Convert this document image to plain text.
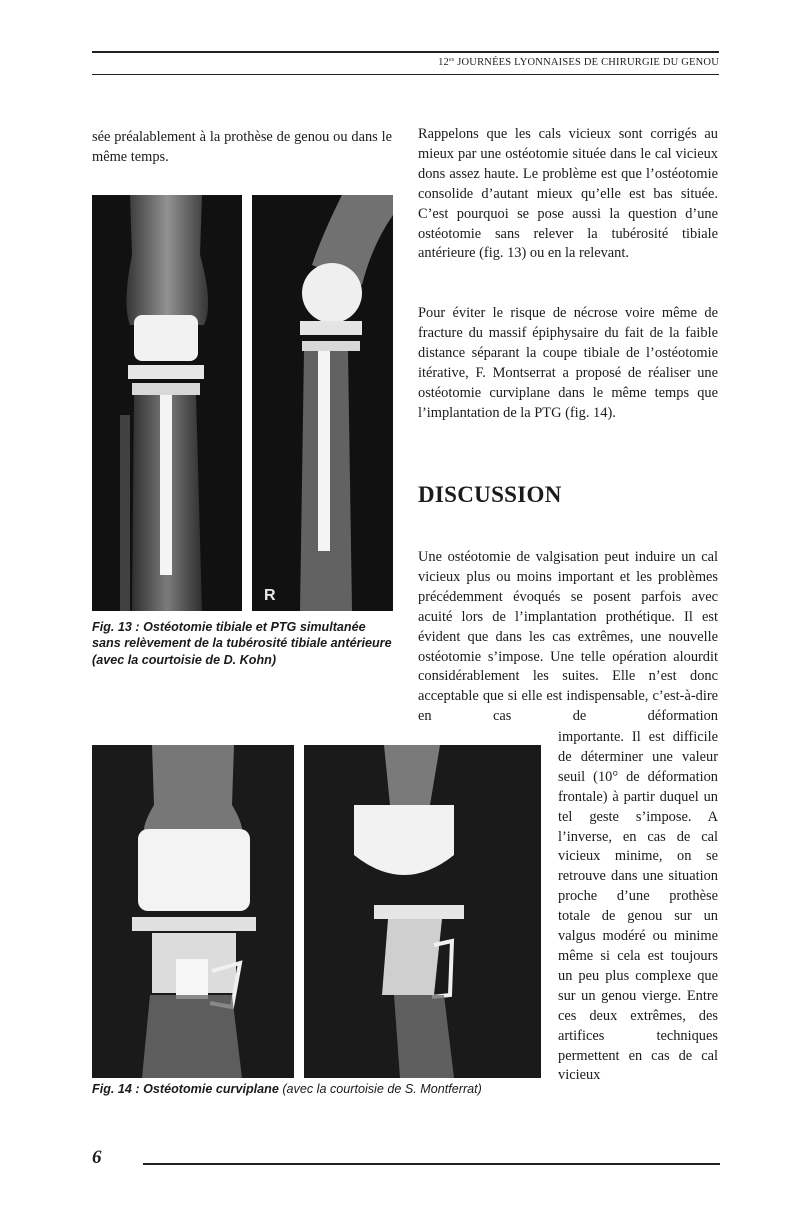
$12^{es}$ JOURNÉES LYONNAISES DE CHIRURGIE DU GENOU

sée préalablement à la prothèse de genou ou dans le même temps.

R

Fig. 13 : Ostéotomie tibiale et PTG simultanée sans relèvement de la tubérosité tibiale antérieure (avec la courtoisie de D. Kohn)

Rappelons que les cals vicieux sont corrigés au mieux par une ostéotomie située dans le cal vicieux dons assez haute. Le problème est que l’ostéotomie consolide d’autant mieux qu’elle est bas située. C’est pourquoi se pose aussi la question d’une ostéotomie sans relever la tubérosité tibiale antérieure (fig. 13) ou en la relevant.

Pour éviter le risque de nécrose voire même de fracture du massif épiphysaire du fait de la faible distance séparant la coupe tibiale de l’ostéotomie itérative, F. Montserrat a proposé de réaliser une ostéotomie curviplane dans le même temps que l’implantation de la PTG (fig. 14).

DISCUSSION

Une ostéotomie de valgisation peut induire un cal vicieux plus ou moins important et les problèmes précédemment évoqués se posent parfois avec acuité lors de l’implantation prothétique. Il est évident que dans les cas extrêmes, une nouvelle ostéotomie s’impose. Une telle opération alourdit considérablement les suites. Elle n’est donc acceptable que si elle est indispensable, c’est-à-dire en cas de déformation

importante. Il est difficile de déterminer une valeur seuil (10° de déformation frontale) à partir duquel un tel geste s’impose. A l’inverse, en cas de cal vicieux minime, on se retrouve dans une situation proche d’une prothèse totale de genou sur un valgus modéré ou minime même si cela est toujours un peu plus complexe que sur un genou vierge. Entre ces deux extrêmes, des artifices techniques permettent en cas de cal vicieux

Fig. 14 : Ostéotomie curviplane (avec la courtoisie de S. Montferrat)

6
